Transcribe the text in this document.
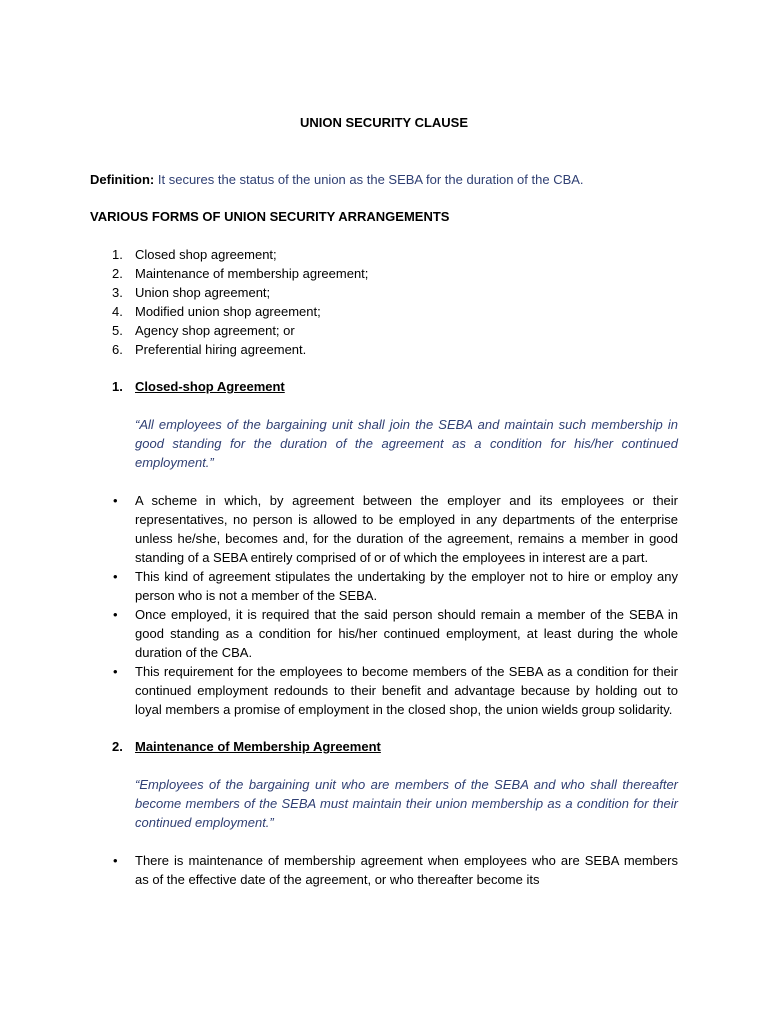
UNION SECURITY CLAUSE

Definition: It secures the status of the union as the SEBA for the duration of the CBA.

VARIOUS FORMS OF UNION SECURITY ARRANGEMENTS

1. Closed shop agreement;
2. Maintenance of membership agreement;
3. Union shop agreement;
4. Modified union shop agreement;
5. Agency shop agreement; or
6. Preferential hiring agreement.
1. Closed-shop Agreement

“All employees of the bargaining unit shall join the SEBA and maintain such membership in good standing for the duration of the agreement as a condition for his/her continued employment.”

•	A scheme in which, by agreement between the employer and its employees or their representatives, no person is allowed to be employed in any departments of the enterprise unless he/she, becomes and, for the duration of the agreement, remains a member in good standing of a SEBA entirely comprised of or of which the employees in interest are a part.
•	This kind of agreement stipulates the undertaking by the employer not to hire or employ any person who is not a member of the SEBA.
•	Once employed, it is required that the said person should remain a member of the SEBA in good standing as a condition for his/her continued employment, at least during the whole duration of the CBA.
•	This requirement for the employees to become members of the SEBA as a condition for their continued employment redounds to their benefit and advantage because by holding out to loyal members a promise of employment in the closed shop, the union wields group solidarity.
2. Maintenance of Membership Agreement

“Employees of the bargaining unit who are members of the SEBA and who shall thereafter become members of the SEBA must maintain their union membership as a condition for their continued employment.”

•	There is maintenance of membership agreement when employees who are SEBA members as of the effective date of the agreement, or who thereafter become its
